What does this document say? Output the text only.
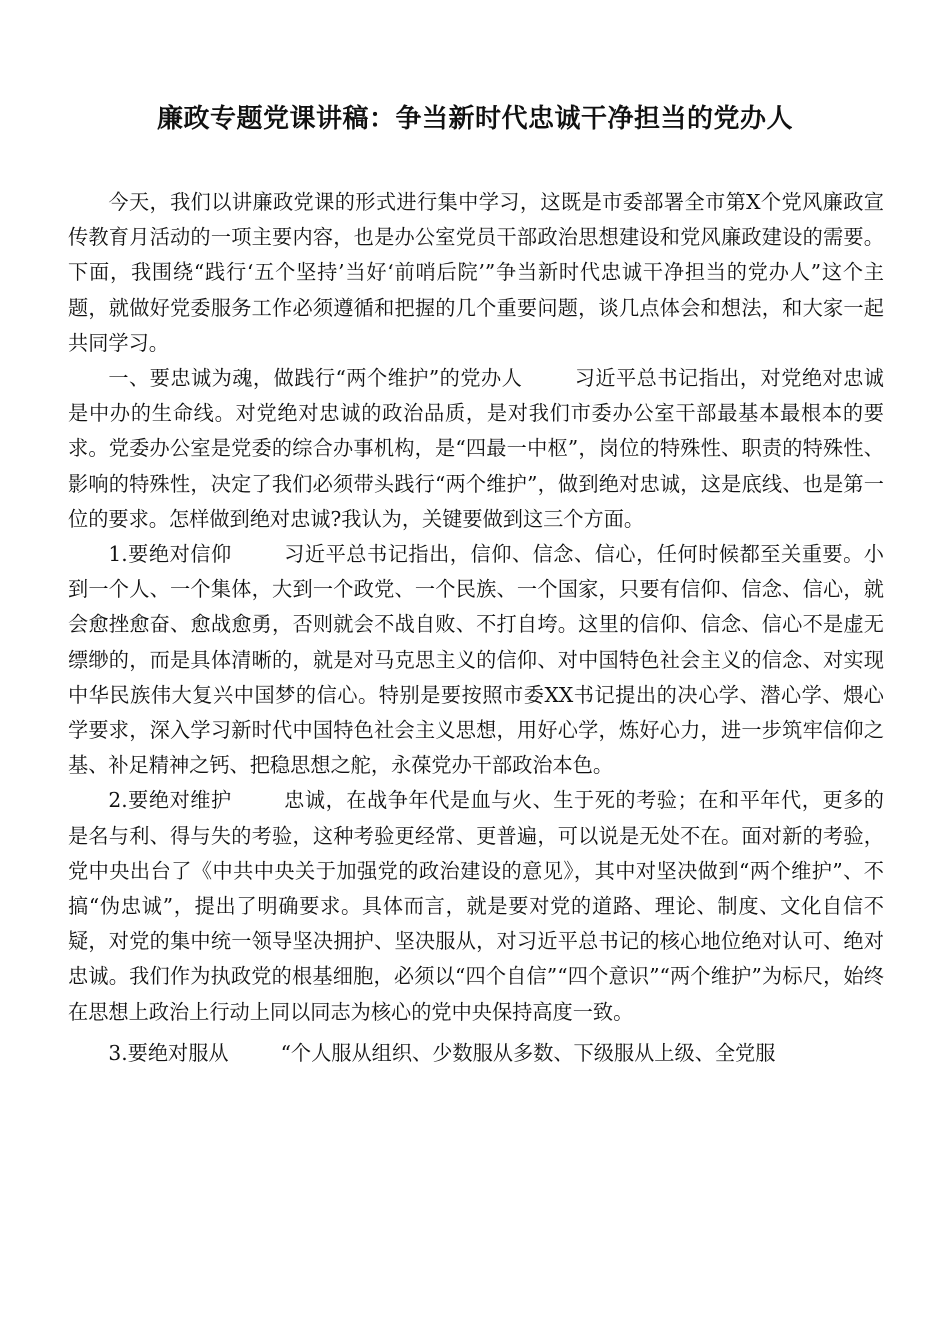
廉政专题党课讲稿：争当新时代忠诚干净担当的党办人

今天，我们以讲廉政党课的形式进行集中学习，这既是市委部署全市第X个党风廉政宣传教育月活动的一项主要内容，也是办公室党员干部政治思想建设和党风廉政建设的需要。下面，我围绕“践行‘五个坚持’当好‘前哨后院’”争当新时代忠诚干净担当的党办人”这个主题，就做好党委服务工作必须遵循和把握的几个重要问题，谈几点体会和想法，和大家一起共同学习。

一、要忠诚为魂，做践行“两个维护”的党办人	习近平总书记指出，对党绝对忠诚是中办的生命线。对党绝对忠诚的政治品质，是对我们市委办公室干部最基本最根本的要求。党委办公室是党委的综合办事机构，是“四最一中枢”，岗位的特殊性、职责的特殊性、影响的特殊性，决定了我们必须带头践行“两个维护”，做到绝对忠诚，这是底线、也是第一位的要求。怎样做到绝对忠诚?我认为，关键要做到这三个方面。

1.要绝对信仰	习近平总书记指出，信仰、信念、信心，任何时候都至关重要。小到一个人、一个集体，大到一个政党、一个民族、一个国家，只要有信仰、信念、信心，就会愈挫愈奋、愈战愈勇，否则就会不战自败、不打自垮。这里的信仰、信念、信心不是虚无缥缈的，而是具体清晰的，就是对马克思主义的信仰、对中国特色社会主义的信念、对实现中华民族伟大复兴中国梦的信心。特别是要按照市委XX书记提出的决心学、潜心学、煨心学要求，深入学习新时代中国特色社会主义思想，用好心学，炼好心力，进一步筑牢信仰之基、补足精神之钙、把稳思想之舵，永葆党办干部政治本色。

2.要绝对维护	忠诚，在战争年代是血与火、生于死的考验；在和平年代，更多的是名与利、得与失的考验，这种考验更经常、更普遍，可以说是无处不在。面对新的考验，党中央出台了《中共中央关于加强党的政治建设的意见》，其中对坚决做到“两个维护”、不搞“伪忠诚”，提出了明确要求。具体而言，就是要对党的道路、理论、制度、文化自信不疑，对党的集中统一领导坚决拥护、坚决服从，对习近平总书记的核心地位绝对认可、绝对忠诚。我们作为执政党的根基细胞，必须以“四个自信”“四个意识”“两个维护”为标尺，始终在思想上政治上行动上同以同志为核心的党中央保持高度一致。

3.要绝对服从	“个人服从组织、少数服从多数、下级服从上级、全党服
